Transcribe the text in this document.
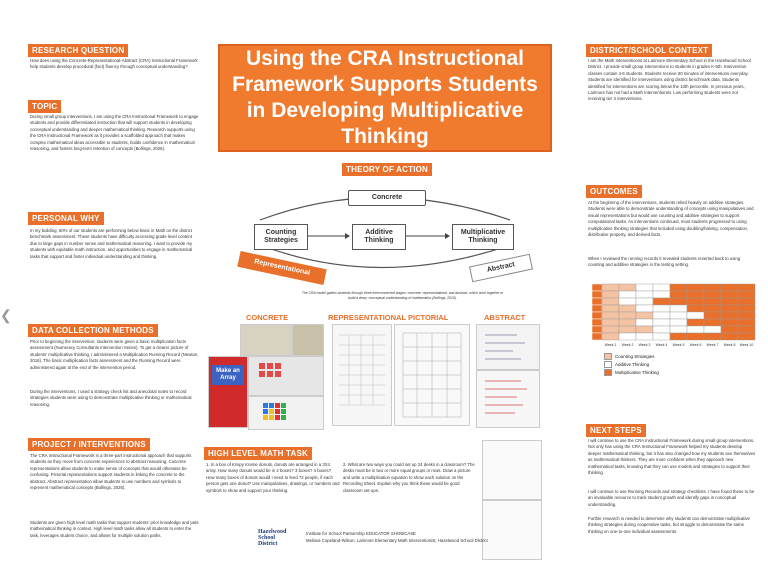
RESEARCH QUESTION
How does using the Concrete-Representational-Abstract (CRA) Instructional Framework help students develop procedural (fact) fluency through conceptual understanding?
TOPIC
During small group interventions, I am using the CRA Instructional Framework to engage students and provide differentiated instruction that will support students in developing conceptual understanding and deeper mathematical thinking. Research supports using the CRA Instructional Framework as it provides a scaffolded approach that makes complex mathematical ideas accessible to students, builds confidence in mathematical reasoning, and fosters long-term retention of concepts (Bollings, 2026).
PERSONAL WHY
In my building, 60% of our students are performing below basic in Math on the district benchmark assessment. These students have difficulty accessing grade level content due to large gaps in number sense and mathematical reasoning. I want to provide my students with equitable math instruction, and opportunities to engage in mathematical tasks that support and foster individual understanding and thinking.
❮
DATA COLLECTION METHODS
Prior to beginning the intervention, students were given a basic multiplication facts assessment (Numeracy Consultants Intervention Series). To get a clearer picture of students' multiplicative thinking, I administered a Multiplication Running Record (Newton, 2016). The basic multiplication facts assessment and the Running Record were administered again at the end of the intervention period.
During the interventions, I used a strategy check list and anecdotal notes to record strategies students were using to demonstrate multiplicative thinking or mathematical reasoning.
PROJECT / INTERVENTIONS
The CRA Instructional Framework is a three-part instructional approach that supports students as they move from concrete experiences to abstract reasoning. Concrete representations allow students to make sense of concepts that would otherwise be confusing. Pictorial representations support students in linking the concrete to the abstract. Abstract representation allow students to use numbers and symbols to represent mathematical concepts (Bollings, 2026).
Students are given high level math tasks that support students' prior knowledge and puts mathematical thinking in context. High level math tasks allow all students to enter the task, leverages student choice, and allows for multiple solution paths.
Using the CRA Instructional Framework Supports Students in Developing Multiplicative Thinking
THEORY OF ACTION
Concrete
Counting Strategies
Additive Thinking
Multiplicative Thinking
Representational	Abstract
The CRA model guides students through three interconnected stages: concrete, representational, and abstract, which work together to build a deep, conceptual understanding of mathematics (Bollings, 2026).
CONCRETE	REPRESENTATIONAL PICTORIAL	ABSTRACT
Make an Array
HIGH LEVEL MATH TASK
1. In a box of Krispy Kreme donuts, donuts are arranged in a 3X4 array. How many donuts would be in 2 boxes? 3 boxes? 4 boxes? How many boxes of donuts would I need to feed 72 people, if each person gets one donut? Use manipulatives, drawings, or numbers and symbols to show and support your thinking.
2. What are two ways you could set up 24 desks in a classroom? The desks must be in two or more equal groups or rows. Draw a picture and write a multiplication equation to show each solution on the Recording Sheet. Explain why you think these would be good classroom set-ups.
Hazelwood
School
District
Institute for School Partnership EDUCATOR SHOWCASE
Melissa Copeland-Wilson, Larimore Elementary Math Interventionist, Hazelwood School District
DISTRICT/SCHOOL CONTEXT
I am the Math Interventionist at Larimore Elementary School in the Hazelwood School District. I provide small group interventions to students in grades K-5th. Intervention classes contain 4-6 students. Students receive 30 minutes of interventions everyday. Students are identified for interventions using district benchmark data. Students identified for interventions are scoring below the 10th percentile. In previous years, Larimore has not had a Math Interventionist. Low performing students were not receiving tier 3 interventions.
OUTCOMES
At the beginning of the interventions, students relied heavily on additive strategies. Students were able to demonstrate understanding of concepts using manipulatives and visual representations but would use counting and additive strategies to support computational tasks. As interventions continued, most students progressed to using multiplicative thinking strategies that included using doubling/halving, compensation, distributive property, and derived facts.
When I reviewed the running records it revealed students reverted back to using counting and additive strategies in the testing setting.
Week 1 Week 2 Week 3 Week 4 Week 5 Week 6 Week 7 Week 8 Week 10
Counting Strategies
Additive Thinking
Multiplicative Thinking
NEXT STEPS
I will continue to use the CRA Instructional Framework during small group interventions. Not only has using the CRA Instructional Framework helped my students develop deeper mathematical thinking, but it has also changed how my students see themselves as mathematical thinkers. They are more confident when they approach new mathematical tasks, knowing that they can use models and strategies to support their thinking.
I will continue to use Running Records and strategy checklists. I have found these to be an invaluable resource to track student growth and identify gaps in conceptual understanding.
Further research is needed to determine why students can demonstrate multiplicative thinking strategies during cooperative tasks, but struggle to demonstrate the same thinking on one-to-one individual assessments.
